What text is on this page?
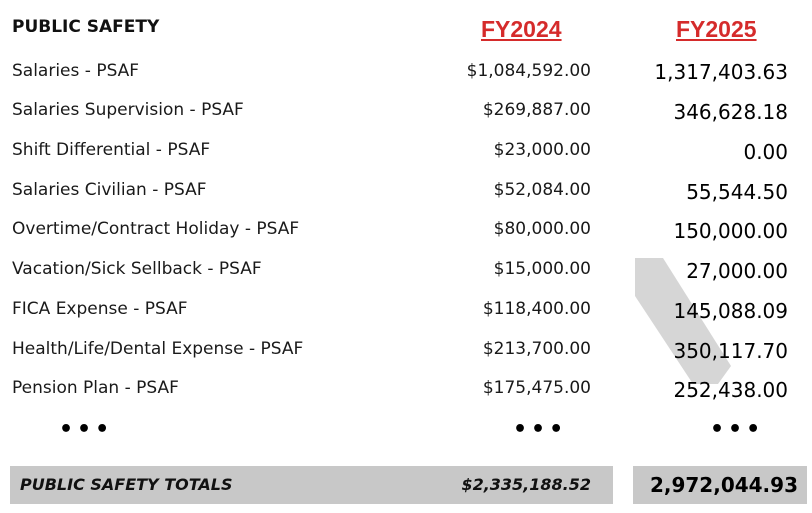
PUBLIC SAFETY	FY2024	FY2025
Salaries - PSAF	$1,084,592.00	1,317,403.63
Salaries Supervision - PSAF	$269,887.00	346,628.18
Shift Differential - PSAF	$23,000.00	0.00
Salaries Civilian - PSAF	$52,084.00	55,544.50
Overtime/Contract Holiday - PSAF	$80,000.00	150,000.00
Vacation/Sick Sellback - PSAF	$15,000.00	27,000.00
FICA Expense - PSAF	$118,400.00	145,088.09
Health/Life/Dental Expense - PSAF	$213,700.00	350,117.70
Pension Plan - PSAF	$175,475.00	252,438.00
•••	•••	•••
PUBLIC SAFETY TOTALS	$2,335,188.52	2,972,044.93
